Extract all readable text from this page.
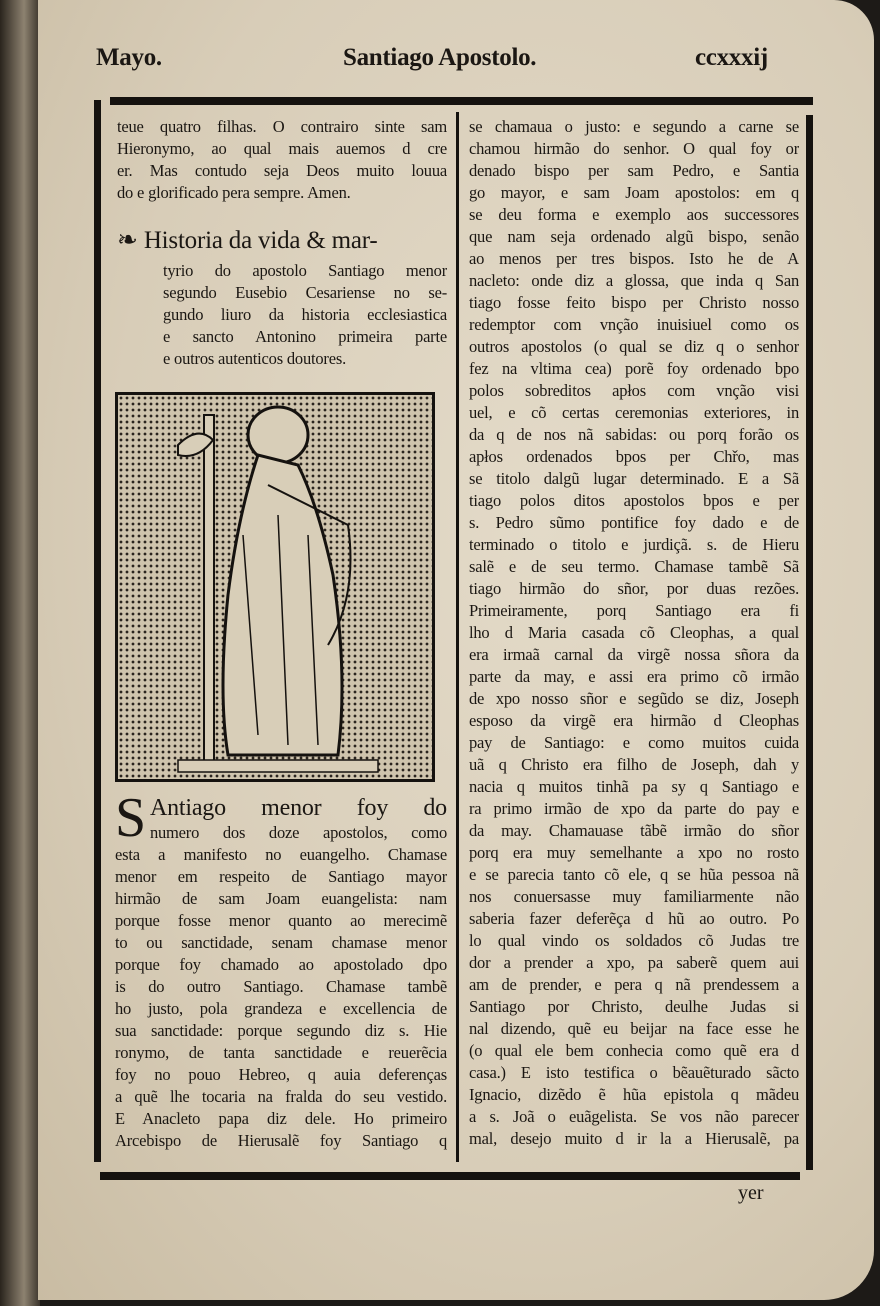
Mayo.	Santiago Apostolo.	ccxxxij
teue quatro filhas. O contrairo sinte sam
Hieronymo, ao qual mais auemos d cre
er. Mas contudo seja Deos muito louua
do e glorificado pera sempre. Amen.
❧ Historia da vida & mar-
tyrio do apostolo Santiago menor
segundo Eusebio Cesariense no se-
gundo liuro da historia ecclesiastica
e sancto Antonino primeira parte
e outros autenticos doutores.
S Antiago menor foy do
numero dos doze apostolos, como
esta a manifesto no euangelho. Chamase
menor em respeito de Santiago mayor
hirmão de sam Joam euangelista: nam
porque fosse menor quanto ao merecimẽ
to ou sanctidade, senam chamase menor
porque foy chamado ao apostolado dpo
is do outro Santiago. Chamase tambẽ
ho justo, pola grandeza e excellencia de
sua sanctidade: porque segundo diz s. Hie
ronymo, de tanta sanctidade e reuerẽcia
foy no pouo Hebreo, q auia deferenças
a quẽ lhe tocaria na fralda do seu vestido.
E Anacleto papa diz dele. Ho primeiro
Arcebispo de Hierusalẽ foy Santiago q
se chamaua o justo: e segundo a carne se
chamou hirmão do senhor. O qual foy or
denado bispo per sam Pedro, e Santia
go mayor, e sam Joam apostolos: em q
se deu forma e exemplo aos successores
que nam seja ordenado algũ bispo, senão
ao menos per tres bispos. Isto he de A
nacleto: onde diz a glossa, que inda q San
tiago fosse feito bispo per Christo nosso
redemptor com vnção inuisiuel como os
outros apostolos (o qual se diz q o senhor
fez na vltima cea) porẽ foy ordenado bpo
polos sobreditos apłos com vnção visi
uel, e cõ certas ceremonias exteriores, in
da q de nos nã sabidas: ou porq forão os
apłos ordenados bpos per Chřo, mas
se titolo dalgũ lugar determinado. E a Sã
tiago polos ditos apostolos bpos e per
s. Pedro sũmo pontifice foy dado e de
terminado o titolo e jurdiçã. s. de Hieru
salẽ e de seu termo. Chamase tambẽ Sã
tiago hirmão do sñor, por duas rezões.
Primeiramente, porq Santiago era fi
lho d Maria casada cõ Cleophas, a qual
era irmaã carnal da virgẽ nossa sñora da
parte da may, e assi era primo cõ irmão
de xpo nosso sñor e segũdo se diz, Joseph
esposo da virgẽ era hirmão d Cleophas
pay de Santiago: e como muitos cuida
uã q Christo era filho de Joseph, dah y
nacia q muitos tinhã pa sy q Santiago e
ra primo irmão de xpo da parte do pay e
da may. Chamauase tãbẽ irmão do sñor
porq era muy semelhante a xpo no rosto
e se parecia tanto cõ ele, q se hũa pessoa nã
nos conuersasse muy familiarmente não
saberia fazer deferẽça d hũ ao outro. Po
lo qual vindo os soldados cõ Judas tre
dor a prender a xpo, pa saberẽ quem aui
am de prender, e pera q nã prendessem a
Santiago por Christo, deulhe Judas si
nal dizendo, quẽ eu beijar na face esse he
(o qual ele bem conhecia como quẽ era d
casa.) E isto testifica o bẽauẽturado sãcto
Ignacio, dizẽdo ẽ hũa epistola q mãdeu
a s. Joã o euãgelista. Se vos não parecer
mal, desejo muito d ir la a Hierusalẽ, pa
yer
